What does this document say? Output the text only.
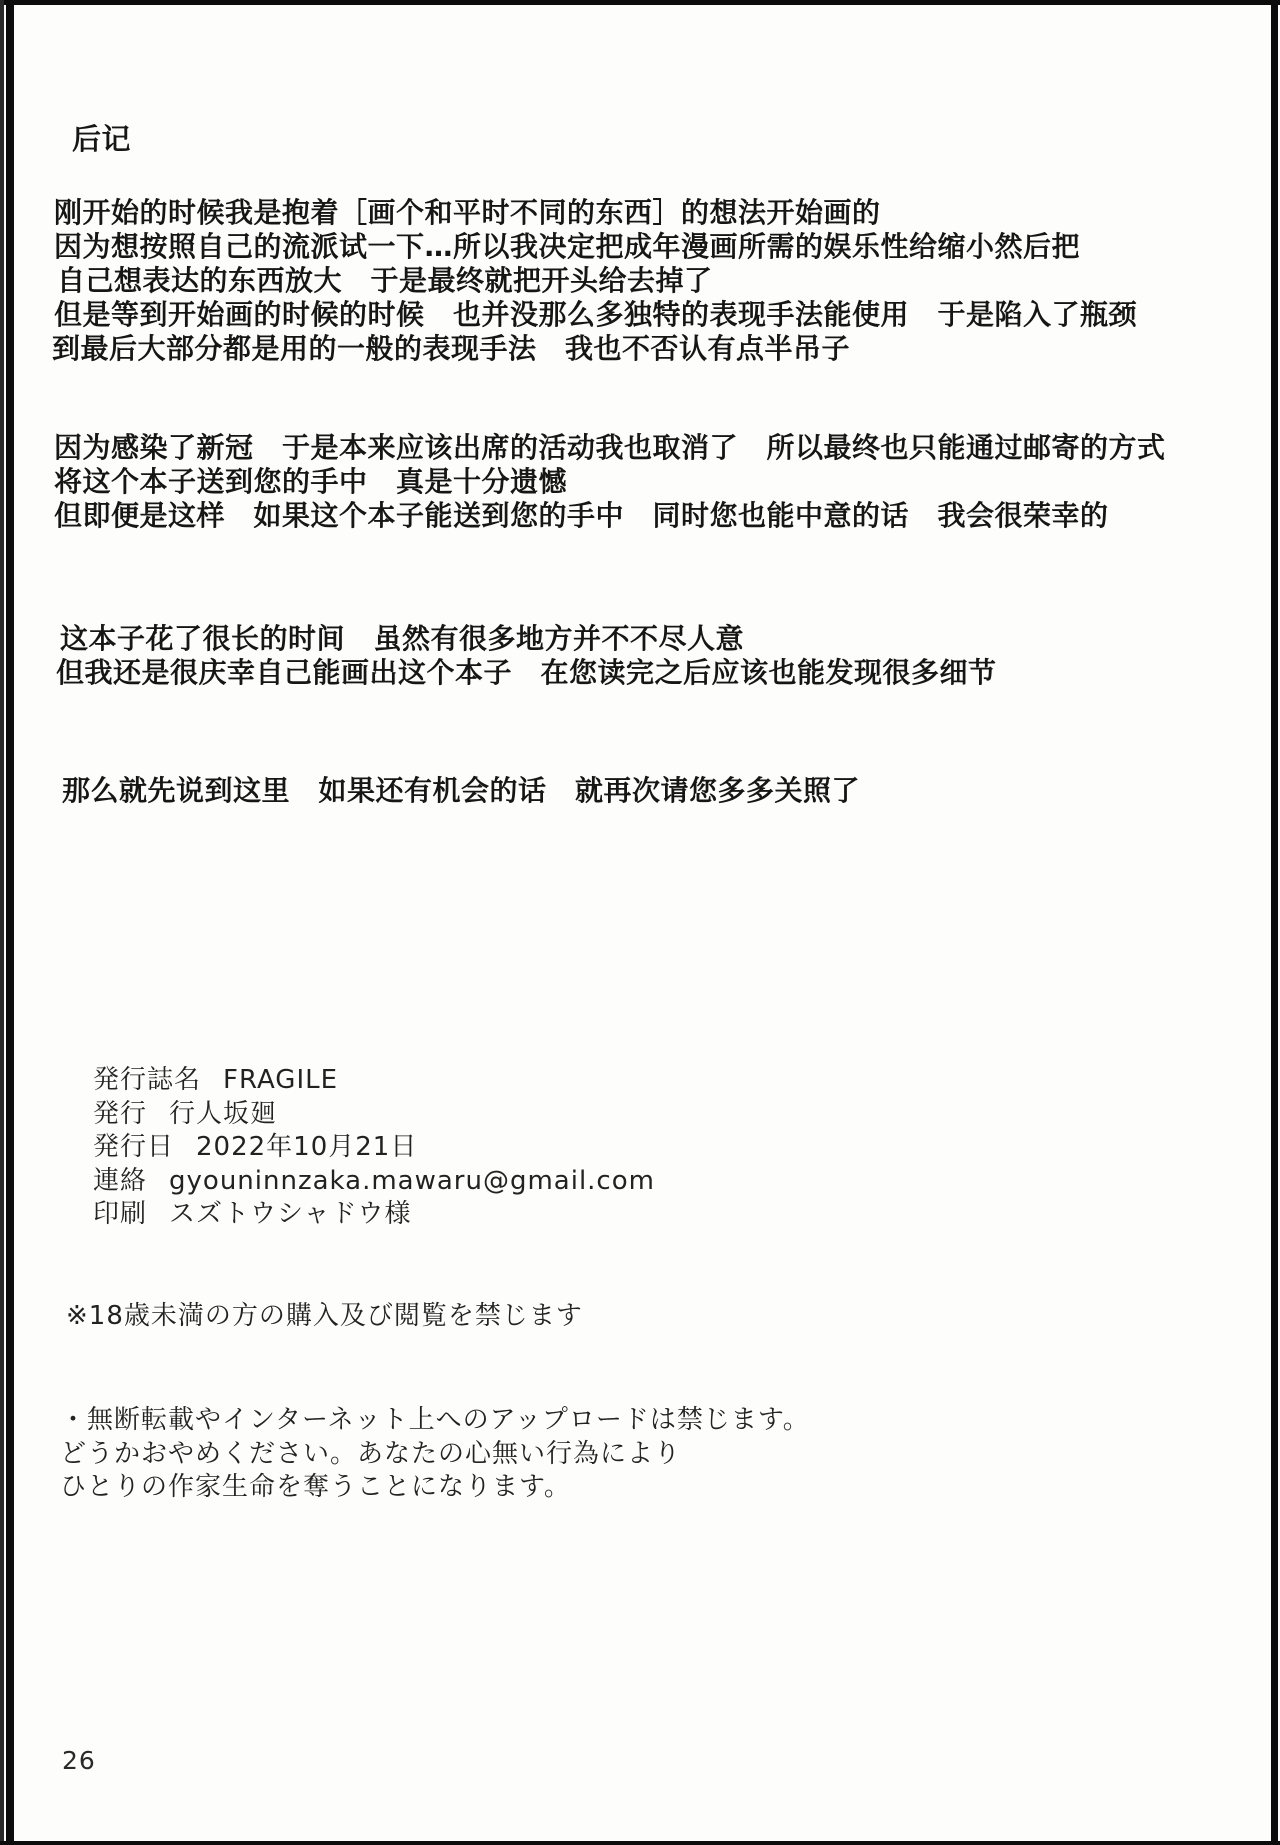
后记
刚开始的时候我是抱着［画个和平时不同的东西］的想法开始画的
因为想按照自己的流派试一下…所以我决定把成年漫画所需的娱乐性给缩小然后把
自己想表达的东西放大　于是最终就把开头给去掉了
但是等到开始画的时候的时候　也并没那么多独特的表现手法能使用　于是陷入了瓶颈
到最后大部分都是用的一般的表现手法　我也不否认有点半吊子
因为感染了新冠　于是本来应该出席的活动我也取消了　所以最终也只能通过邮寄的方式
将这个本子送到您的手中　真是十分遗憾
但即便是这样　如果这个本子能送到您的手中　同时您也能中意的话　我会很荣幸的
这本子花了很长的时间　虽然有很多地方并不不尽人意
但我还是很庆幸自己能画出这个本子　在您读完之后应该也能发现很多细节
那么就先说到这里　如果还有机会的话　就再次请您多多关照了
発行誌名 FRAGILE
発行 行人坂廻
発行日 2022年10月21日
連絡 gyouninnzaka.mawaru@gmail.com
印刷 スズトウシャドウ様
※18歳未満の方の購入及び閲覧を禁じます
・無断転載やインターネット上へのアップロードは禁じます。
どうかおやめください。あなたの心無い行為により
ひとりの作家生命を奪うことになります。
26
